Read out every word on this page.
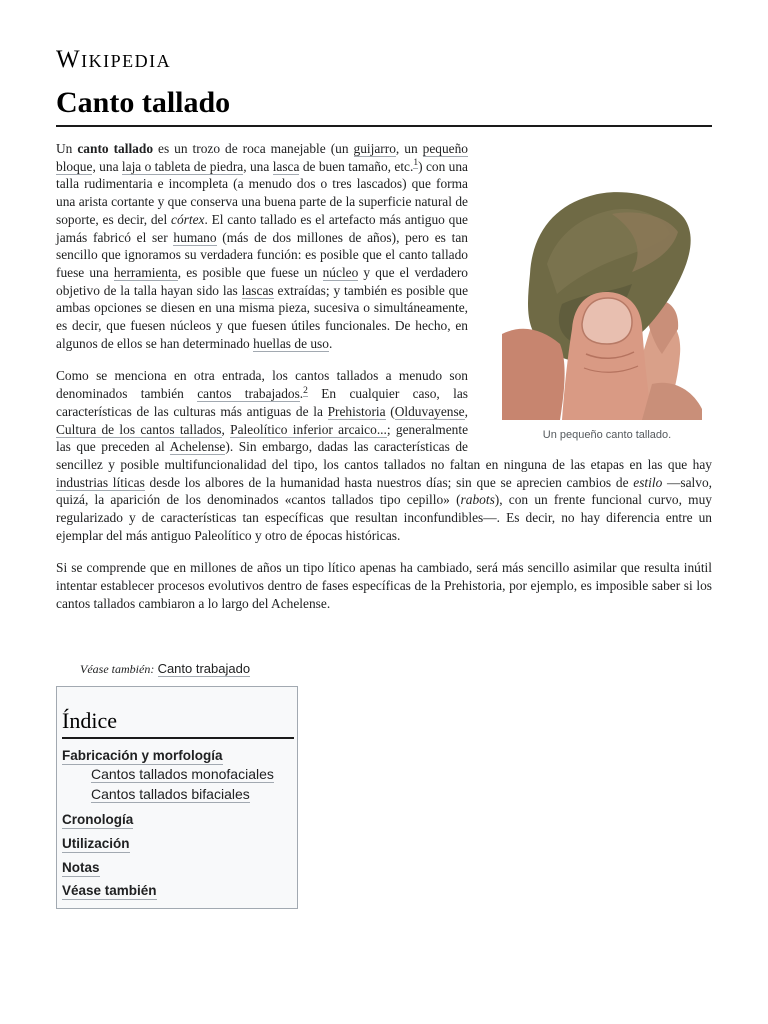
Wikipedia
Canto tallado
Un pequeño canto tallado.

Un canto tallado es un trozo de roca manejable (un guijarro, un pequeño bloque, una laja o tableta de piedra, una lasca de buen tamaño, etc.$^1$) con una talla rudimentaria e incompleta (a menudo dos o tres lascados) que forma una arista cortante y que conserva una buena parte de la superficie natural de soporte, es decir, del córtex. El canto tallado es el artefacto más antiguo que jamás fabricó el ser humano (más de dos millones de años), pero es tan sencillo que ignoramos su verdadera función: es posible que el canto tallado fuese una herramienta, es posible que fuese un núcleo y que el verdadero objetivo de la talla hayan sido las lascas extraídas; y también es posible que ambas opciones se diesen en una misma pieza, sucesiva o simultáneamente, es decir, que fuesen núcleos y que fuesen útiles funcionales. De hecho, en algunos de ellos se han determinado huellas de uso.

Como se menciona en otra entrada, los cantos tallados a menudo son denominados también cantos trabajados.$^2$ En cualquier caso, las características de las culturas más antiguas de la Prehistoria (Olduvayense, Cultura de los cantos tallados, Paleolítico inferior arcaico...; generalmente las que preceden al Achelense). Sin embargo, dadas las características de sencillez y posible multifuncionalidad del tipo, los cantos tallados no faltan en ninguna de las etapas en las que hay industrias líticas desde los albores de la humanidad hasta nuestros días; sin que se aprecien cambios de estilo —salvo, quizá, la aparición de los denominados «cantos tallados tipo cepillo» (rabots), con un frente funcional curvo, muy regularizado y de características tan específicas que resultan inconfundibles—. Es decir, no hay diferencia entre un ejemplar del más antiguo Paleolítico y otro de épocas históricas.

Si se comprende que en millones de años un tipo lítico apenas ha cambiado, será más sencillo asimilar que resulta inútil intentar establecer procesos evolutivos dentro de fases específicas de la Prehistoria, por ejemplo, es imposible saber si los cantos tallados cambiaron a lo largo del Achelense.

Véase también: Canto trabajado
Índice
Fabricación y morfología
Cantos tallados monofaciales
Cantos tallados bifaciales
Cronología
Utilización
Notas
Véase también
